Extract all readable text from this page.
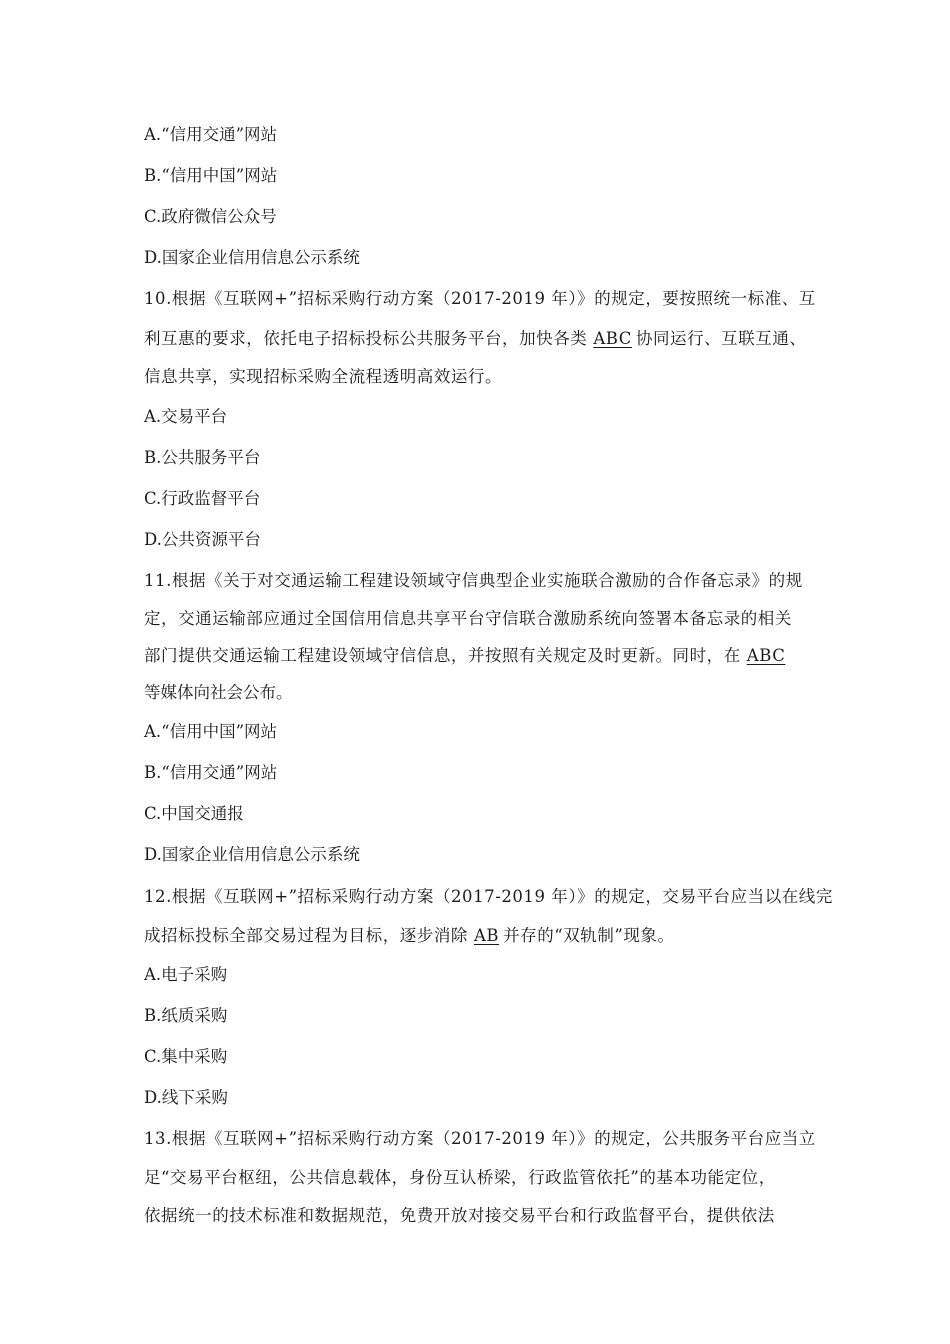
A.“信用交通”网站
B.“信用中国”网站
C.政府微信公众号
D.国家企业信用信息公示系统
10.根据《互联网+”招标采购行动方案（2017-2019 年）》的规定，要按照统一标准、互
利互惠的要求，依托电子招标投标公共服务平台，加快各类 ABC 协同运行、互联互通、
信息共享，实现招标采购全流程透明高效运行。
A.交易平台
B.公共服务平台
C.行政监督平台
D.公共资源平台
11.根据《关于对交通运输工程建设领域守信典型企业实施联合激励的合作备忘录》的规
定，交通运输部应通过全国信用信息共享平台守信联合激励系统向签署本备忘录的相关
部门提供交通运输工程建设领域守信信息，并按照有关规定及时更新。同时，在 ABC
等媒体向社会公布。
A.“信用中国”网站
B.“信用交通”网站
C.中国交通报
D.国家企业信用信息公示系统
12.根据《互联网+”招标采购行动方案（2017-2019 年）》的规定，交易平台应当以在线完
成招标投标全部交易过程为目标，逐步消除 AB 并存的“双轨制”现象。
A.电子采购
B.纸质采购
C.集中采购
D.线下采购
13.根据《互联网+”招标采购行动方案（2017-2019 年）》的规定，公共服务平台应当立
足“交易平台枢纽，公共信息载体，身份互认桥梁，行政监管依托”的基本功能定位，
依据统一的技术标准和数据规范，免费开放对接交易平台和行政监督平台，提供依法
